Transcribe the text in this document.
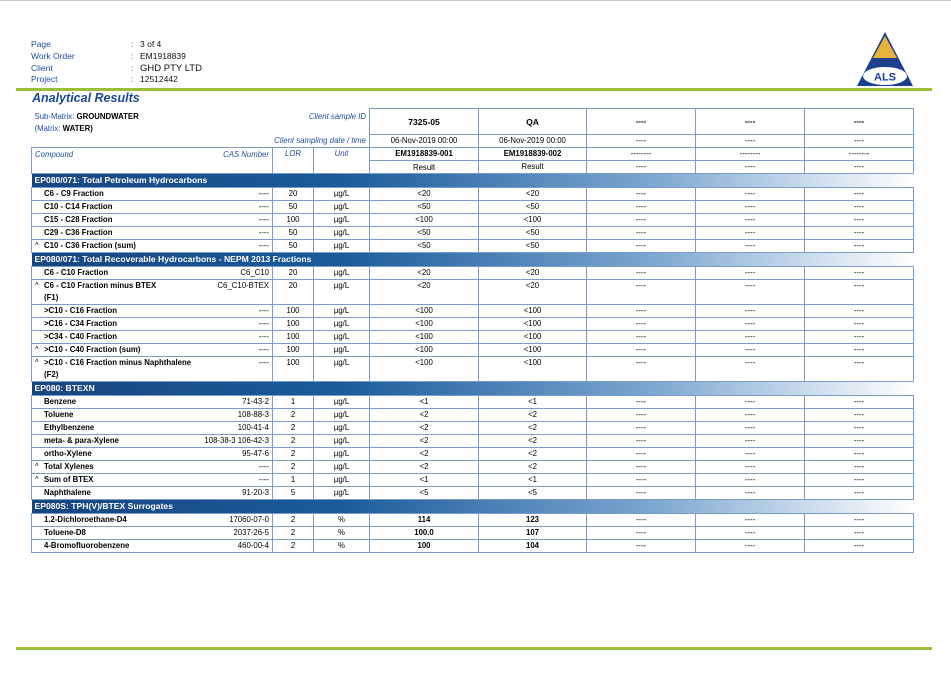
Page	: 3 of 4
Work Order	: EM1918839
Client	: GHD PTY LTD
Project	: 12512442	ALS
Analytical Results
Sub-Matrix: GROUNDWATER
(Matrix: WATER)
Client sample ID			7325-05	QA	----	----	----
Client sampling date / time			06-Nov-2019 00:00	06-Nov-2019 00:00	----	----	----

Compound CAS Number	LOR	Unit	EM1918839-001	EM1918839-002	--------	--------	--------
			Result	Result	----	----	----
EP080/071: Total Petroleum Hydrocarbons							

C6 - C9 Fraction ----	20	µg/L	<20	<20	----	----	----

C10 - C14 Fraction ----	50	µg/L	<50	<50	----	----	----

C15 - C28 Fraction ----	100	µg/L	<100	<100	----	----	----

C29 - C36 Fraction ----	50	µg/L	<50	<50	----	----	----

^ C10 - C36 Fraction (sum) ----	50	µg/L	<50	<50	----	----	----
EP080/071: Total Recoverable Hydrocarbons - NEPM 2013 Fractions							

C6 - C10 Fraction C6_C10	20	µg/L	<20	<20	----	----	----

^ C6 - C10 Fraction minus BTEX C6_C10-BTEX
(F1)	20	µg/L	<20	<20	----	----	----

>C10 - C16 Fraction ----	100	µg/L	<100	<100	----	----	----

>C16 - C34 Fraction ----	100	µg/L	<100	<100	----	----	----

>C34 - C40 Fraction ----	100	µg/L	<100	<100	----	----	----

^ >C10 - C40 Fraction (sum) ----	100	µg/L	<100	<100	----	----	----

^ >C10 - C16 Fraction minus Naphthalene ----
(F2)	100	µg/L	<100	<100	----	----	----
EP080: BTEXN							

Benzene 71-43-2	1	µg/L	<1	<1	----	----	----

Toluene 108-88-3	2	µg/L	<2	<2	----	----	----

Ethylbenzene 100-41-4	2	µg/L	<2	<2	----	----	----

meta- & para-Xylene 108-38-3 106-42-3	2	µg/L	<2	<2	----	----	----

ortho-Xylene 95-47-6	2	µg/L	<2	<2	----	----	----

^ Total Xylenes ----	2	µg/L	<2	<2	----	----	----

^ Sum of BTEX ----	1	µg/L	<1	<1	----	----	----

Naphthalene 91-20-3	5	µg/L	<5	<5	----	----	----
EP080S: TPH(V)/BTEX Surrogates							

1.2-Dichloroethane-D4 17060-07-0	2	%	114	123	----	----	----

Toluene-D8 2037-26-5	2	%	100.0	107	----	----	----

4-Bromofluorobenzene 460-00-4	2	%	100	104	----	----	----
